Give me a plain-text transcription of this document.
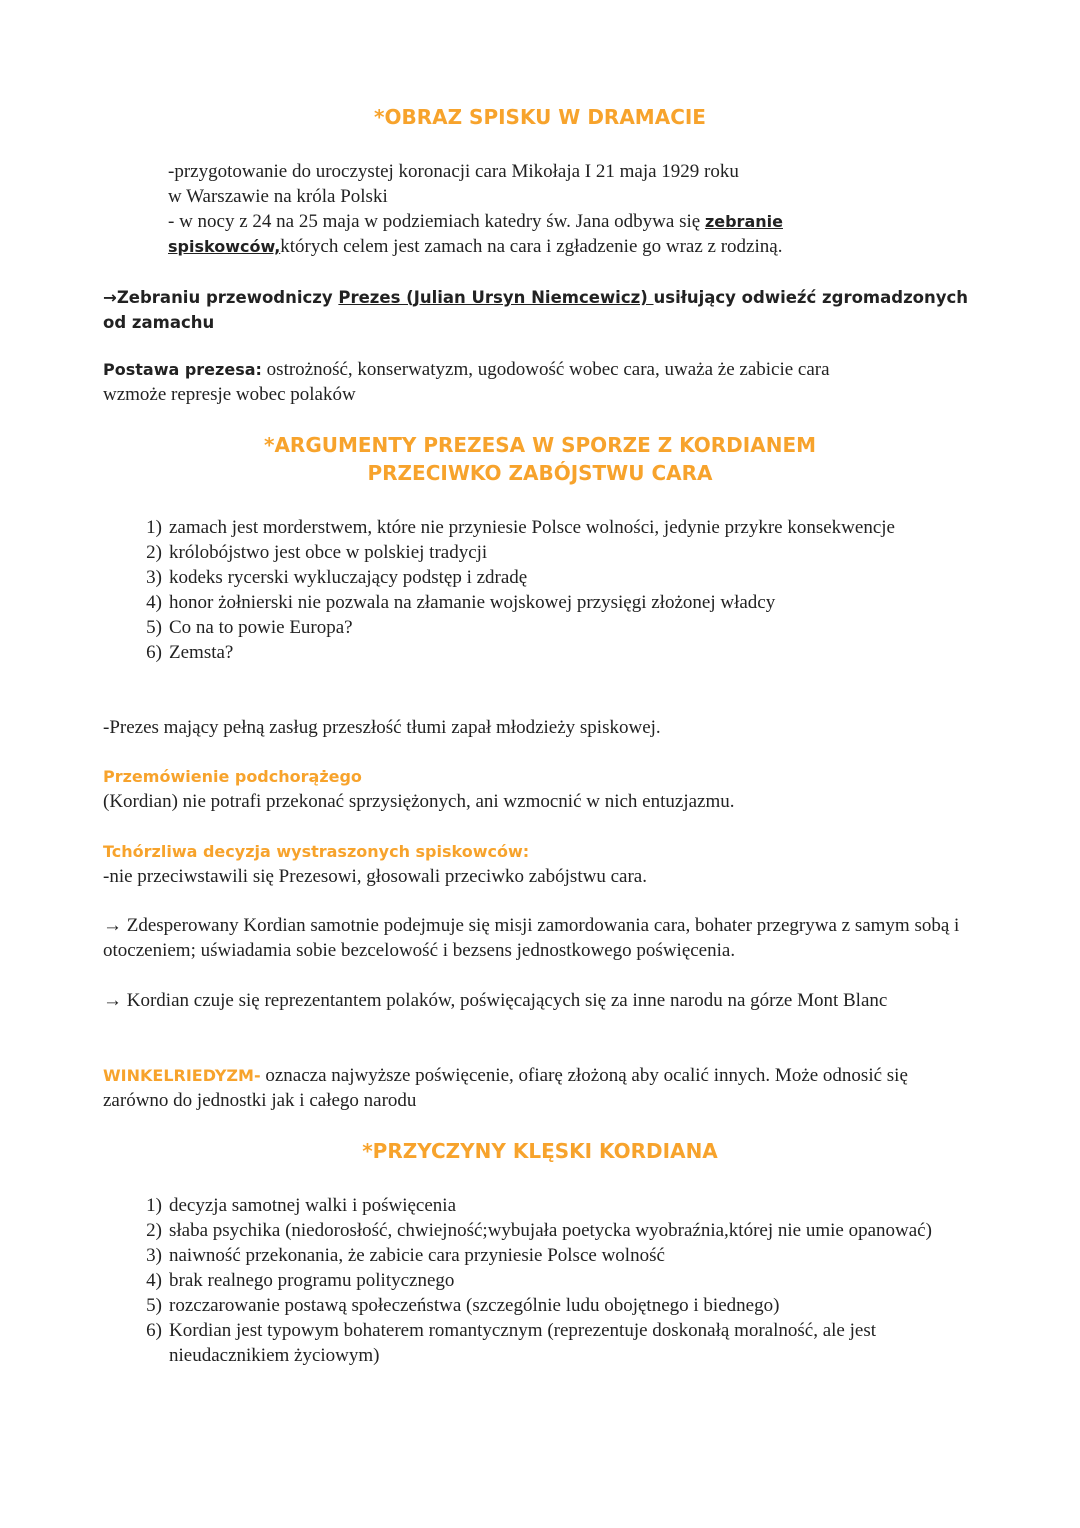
*OBRAZ SPISKU W DRAMACIE
-przygotowanie do uroczystej koronacji cara Mikołaja I 21 maja 1929 roku
w Warszawie na króla Polski
- w nocy z 24 na 25 maja w podziemiach katedry św. Jana odbywa się zebranie
spiskowców,których celem jest zamach na cara i zgładzenie go wraz z rodziną.
→Zebraniu przewodniczy Prezes (Julian Ursyn Niemcewicz) usiłujący odwieźć zgromadzonych
od zamachu
Postawa prezesa: ostrożność, konserwatyzm, ugodowość wobec cara, uważa że zabicie cara
wzmoże represje wobec polaków
*ARGUMENTY PREZESA W SPORZE Z KORDIANEM
PRZECIWKO ZABÓJSTWU CARA
1) zamach jest morderstwem, które nie przyniesie Polsce wolności, jedynie przykre konsekwencje
2) królobójstwo jest obce w polskiej tradycji
3) kodeks rycerski wykluczający podstęp i zdradę
4) honor żołnierski nie pozwala na złamanie wojskowej przysięgi złożonej władcy
5) Co na to powie Europa?
6) Zemsta?
-Prezes mający pełną zasług przeszłość tłumi zapał młodzieży spiskowej.
Przemówienie podchorążego
(Kordian) nie potrafi przekonać sprzysiężonych, ani wzmocnić w nich entuzjazmu.
Tchórzliwa decyzja wystraszonych spiskowców:
-nie przeciwstawili się Prezesowi, głosowali przeciwko zabójstwu cara.
→ Zdesperowany Kordian samotnie podejmuje się misji zamordowania cara, bohater przegrywa z samym sobą i otoczeniem; uświadamia sobie bezcelowość i bezsens jednostkowego poświęcenia.
→ Kordian czuje się reprezentantem polaków, poświęcających się za inne narodu na górze Mont Blanc
WINKELRIEDYZM- oznacza najwyższe poświęcenie, ofiarę złożoną aby ocalić innych. Może odnosić się zarówno do jednostki jak i całego narodu
*PRZYCZYNY KLĘSKI KORDIANA
1) decyzja samotnej walki i poświęcenia
2) słaba psychika (niedorosłość, chwiejność;wybujała poetycka wyobraźnia,której nie umie opanować)
3) naiwność przekonania, że zabicie cara przyniesie Polsce wolność
4) brak realnego programu politycznego
5) rozczarowanie postawą społeczeństwa (szczególnie ludu obojętnego i biednego)
6) Kordian jest typowym bohaterem romantycznym (reprezentuje doskonałą moralność, ale jest nieudacznikiem życiowym)
